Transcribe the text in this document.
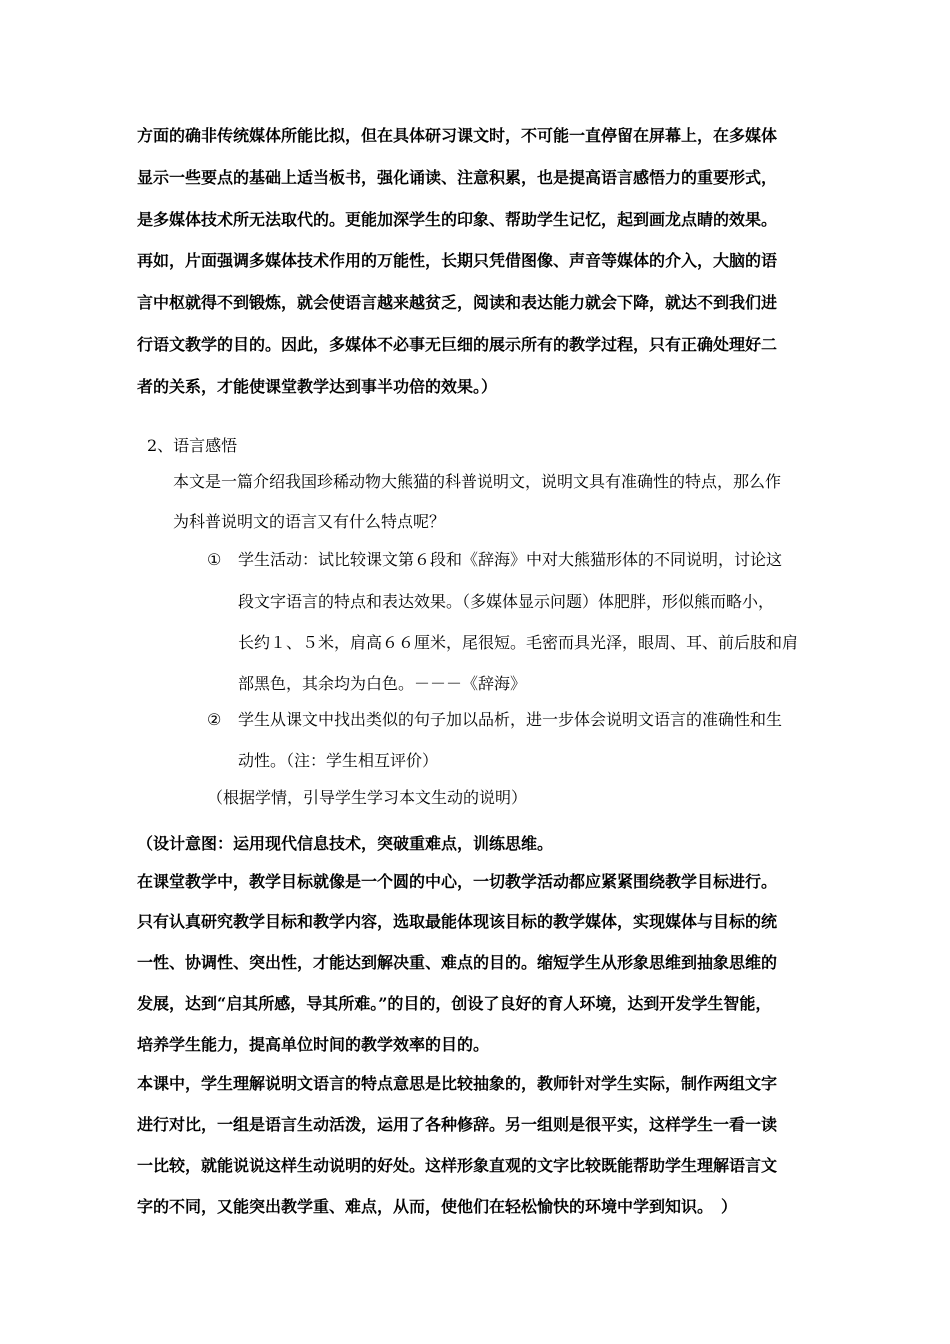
方面的确非传统媒体所能比拟，但在具体研习课文时，不可能一直停留在屏幕上，在多媒体
显示一些要点的基础上适当板书，强化诵读、注意积累，也是提高语言感悟力的重要形式，
是多媒体技术所无法取代的。更能加深学生的印象、帮助学生记忆，起到画龙点睛的效果。
再如，片面强调多媒体技术作用的万能性，长期只凭借图像、声音等媒体的介入，大脑的语
言中枢就得不到锻炼，就会使语言越来越贫乏，阅读和表达能力就会下降，就达不到我们进
行语文教学的目的。因此，多媒体不必事无巨细的展示所有的教学过程，只有正确处理好二
者的关系，才能使课堂教学达到事半功倍的效果。）
2、语言感悟
本文是一篇介绍我国珍稀动物大熊猫的科普说明文，说明文具有准确性的特点，那么作
为科普说明文的语言又有什么特点呢？
① 学生活动：试比较课文第６段和《辞海》中对大熊猫形体的不同说明，讨论这
段文字语言的特点和表达效果。（多媒体显示问题）体肥胖，形似熊而略小，
长约１、５米，肩高６６厘米，尾很短。毛密而具光泽，眼周、耳、前后肢和肩
部黑色，其余均为白色。－－－《辞海》
② 学生从课文中找出类似的句子加以品析，进一步体会说明文语言的准确性和生
动性。（注：学生相互评价）
（根据学情，引导学生学习本文生动的说明）
（设计意图：运用现代信息技术，突破重难点，训练思维。
在课堂教学中，教学目标就像是一个圆的中心，一切教学活动都应紧紧围绕教学目标进行。
只有认真研究教学目标和教学内容，选取最能体现该目标的教学媒体，实现媒体与目标的统
一性、协调性、突出性，才能达到解决重、难点的目的。缩短学生从形象思维到抽象思维的
发展，达到“启其所感，导其所难。”的目的，创设了良好的育人环境，达到开发学生智能，
培养学生能力，提高单位时间的教学效率的目的。
本课中，学生理解说明文语言的特点意思是比较抽象的，教师针对学生实际，制作两组文字
进行对比，一组是语言生动活泼，运用了各种修辞。另一组则是很平实，这样学生一看一读
一比较，就能说说这样生动说明的好处。这样形象直观的文字比较既能帮助学生理解语言文
字的不同，又能突出教学重、难点，从而，使他们在轻松愉快的环境中学到知识。　）
